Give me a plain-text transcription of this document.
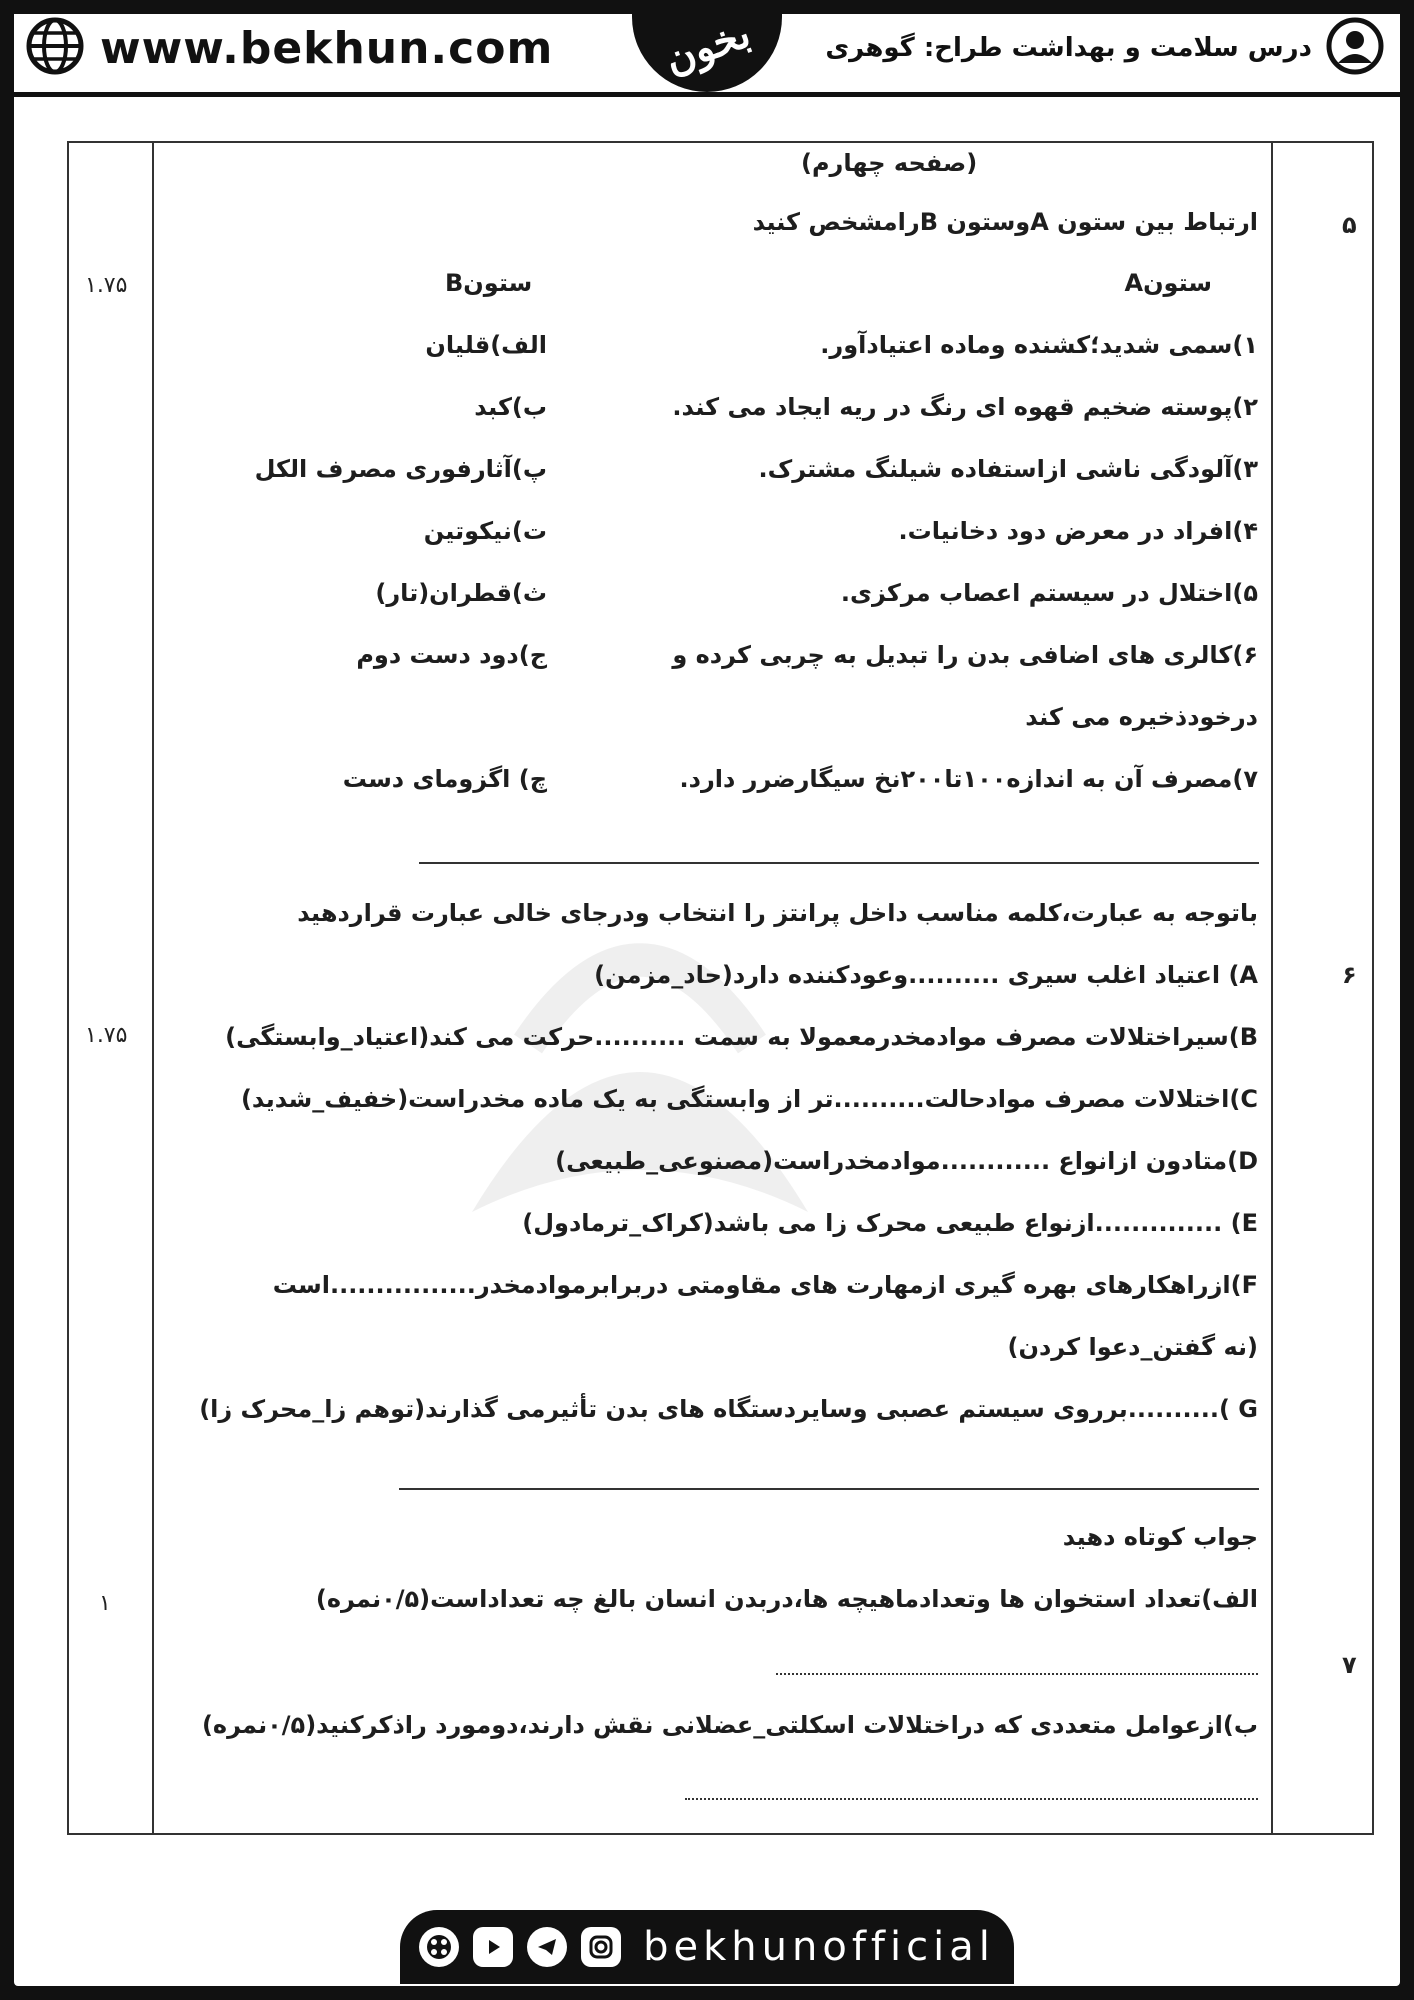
www.bekhun.com	بخون	درس سلامت و بهداشت طراح: گوهری
(صفحه چهارم)
۵
۱.۷۵
ارتباط بین ستون Aوستون Bرامشخص کنید
ستونA
ستونB
۱)سمی شدید؛کشنده وماده اعتیادآور.
۲)پوسته ضخیم قهوه ای رنگ در ریه ایجاد می کند.
۳)آلودگی ناشی ازاستفاده شیلنگ مشترک.
۴)افراد در معرض دود دخانیات.
۵)اختلال در سیستم اعصاب مرکزی.
۶)کالری های اضافی بدن را تبدیل به چربی کرده و
درخودذخیره می کند
۷)مصرف آن به اندازه۱۰۰تا۲۰۰نخ سیگارضرر دارد.
الف)قلیان
ب)کبد
پ)آثارفوری مصرف الکل
ت)نیکوتین
ث)قطران(تار)
ج)دود دست دوم
چ) اگزومای دست
۶
۱.۷۵
باتوجه به عبارت،کلمه مناسب داخل پرانتز را انتخاب ودرجای خالی عبارت قراردهید
A) اعتیاد اغلب سیری ..........وعودکننده دارد(حاد_مزمن)
B)سیراختلالات مصرف موادمخدرمعمولا به سمت ..........حرکت می کند(اعتیاد_وابستگی)
C)اختلالات مصرف موادحالت..........تر از وابستگی به یک ماده مخدراست(خفیف_شدید)
D)متادون ازانواع ............موادمخدراست(مصنوعی_طبیعی)
E) ..............ازنواع طبیعی محرک زا می باشد(کراک_ترمادول)
F)ازراهکارهای بهره گیری ازمهارت های مقاومتی دربرابرموادمخدر................است
(نه گفتن_دعوا کردن)
G )..........برروی سیستم عصبی وسایردستگاه های بدن تأثیرمی گذارند(توهم زا_محرک زا)
۷
۱
جواب کوتاه دهید
الف)تعداد استخوان ها وتعدادماهیچه ها،دربدن انسان بالغ چه تعداداست(۰/۵نمره)
ب)ازعوامل متعددی که دراختلالات اسکلتی_عضلانی نقش دارند،دومورد راذکرکنید(۰/۵نمره)
bekhunofficial
